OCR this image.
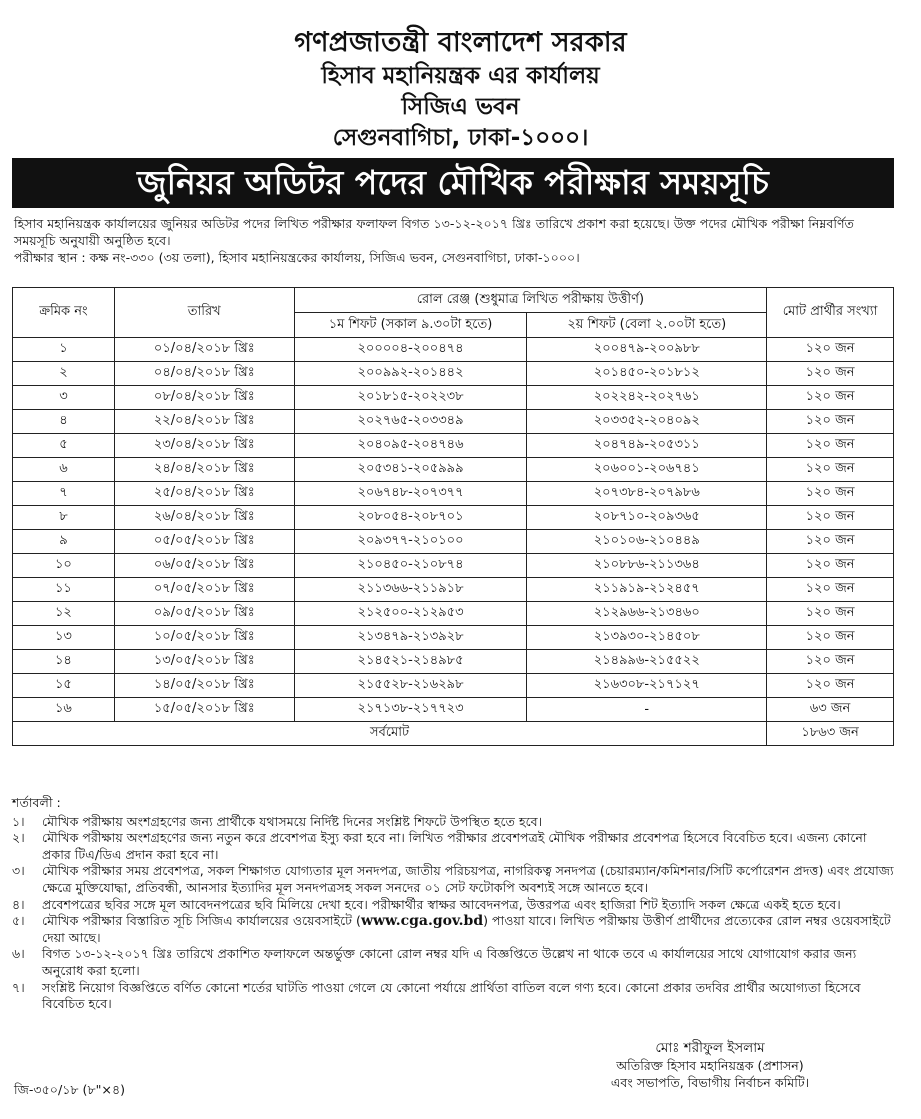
গণপ্রজাতন্ত্রী বাংলাদেশ সরকার
হিসাব মহানিয়ন্ত্রক এর কার্যালয়
সিজিএ ভবন
সেগুনবাগিচা, ঢাকা-১০০০।
জুনিয়র অডিটর পদের মৌখিক পরীক্ষার সময়সূচি

হিসাব মহানিয়ন্ত্রক কার্যালয়ের জুনিয়র অডিটর পদের লিখিত পরীক্ষার ফলাফল বিগত ১৩-১২-২০১৭ খ্রিঃ তারিখে প্রকাশ করা হয়েছে। উক্ত পদের মৌখিক পরীক্ষা নিম্নবর্ণিত সময়সূচি অনুযায়ী অনুষ্ঠিত হবে।

পরীক্ষার স্থান : কক্ষ নং-৩৩০ (৩য় তলা), হিসাব মহানিয়ন্ত্রকের কার্যালয়, সিজিএ ভবন, সেগুনবাগিচা, ঢাকা-১০০০।

ক্রমিক নং	তারিখ	রোল রেঞ্জ (শুধুমাত্র লিখিত পরীক্ষায় উত্তীর্ণ)		মোট প্রার্থীর সংখ্যা
		১ম শিফট (সকাল ৯.৩০টা হতে)	২য় শিফট (বেলা ২.০০টা হতে)	
১	০১/০৪/২০১৮ খ্রিঃ	২০০০০৪-২০০৪৭৪	২০০৪৭৯-২০০৯৮৮	১২০ জন
২	০৪/০৪/২০১৮ খ্রিঃ	২০০৯৯২-২০১৪৪২	২০১৪৫০-২০১৮১২	১২০ জন
৩	০৮/০৪/২০১৮ খ্রিঃ	২০১৮১৫-২০২২৩৮	২০২২৪২-২০২৭৬১	১২০ জন
৪	২২/০৪/২০১৮ খ্রিঃ	২০২৭৬৫-২০৩৩৪৯	২০৩৩৫২-২০৪০৯২	১২০ জন
৫	২৩/০৪/২০১৮ খ্রিঃ	২০৪০৯৫-২০৪৭৪৬	২০৪৭৪৯-২০৫৩১১	১২০ জন
৬	২৪/০৪/২০১৮ খ্রিঃ	২০৫৩৪১-২০৫৯৯৯	২০৬০০১-২০৬৭৪১	১২০ জন
৭	২৫/০৪/২০১৮ খ্রিঃ	২০৬৭৪৮-২০৭৩৭৭	২০৭৩৮৪-২০৭৯৮৬	১২০ জন
৮	২৬/০৪/২০১৮ খ্রিঃ	২০৮০৫৪-২০৮৭০১	২০৮৭১০-২০৯৩৬৫	১২০ জন
৯	০৫/০৫/২০১৮ খ্রিঃ	২০৯৩৭৭-২১০১০০	২১০১০৬-২১০৪৪৯	১২০ জন
১০	০৬/০৫/২০১৮ খ্রিঃ	২১০৪৫০-২১০৮৭৪	২১০৮৮৬-২১১৩৬৪	১২০ জন
১১	০৭/০৫/২০১৮ খ্রিঃ	২১১৩৬৬-২১১৯১৮	২১১৯১৯-২১২৪৫৭	১২০ জন
১২	০৯/০৫/২০১৮ খ্রিঃ	২১২৫০০-২১২৯৫৩	২১২৯৬৬-২১৩৪৬০	১২০ জন
১৩	১০/০৫/২০১৮ খ্রিঃ	২১৩৪৭৯-২১৩৯২৮	২১৩৯৩০-২১৪৫০৮	১২০ জন
১৪	১৩/০৫/২০১৮ খ্রিঃ	২১৪৫২১-২১৪৯৮৫	২১৪৯৯৬-২১৫৫২২	১২০ জন
১৫	১৪/০৫/২০১৮ খ্রিঃ	২১৫৫২৮-২১৬২৯৮	২১৬৩০৮-২১৭১২৭	১২০ জন
১৬	১৫/০৫/২০১৮ খ্রিঃ	২১৭১৩৮-২১৭৭২৩	-	৬৩ জন
সর্বমোট				১৮৬৩ জন
শর্তাবলী :
১।	মৌখিক পরীক্ষায় অংশগ্রহণের জন্য প্রার্থীকে যথাসময়ে নির্দিষ্ট দিনের সংশ্লিষ্ট শিফটে উপস্থিত হতে হবে।
২।	মৌখিক পরীক্ষায় অংশগ্রহণের জন্য নতুন করে প্রবেশপত্র ইস্যু করা হবে না। লিখিত পরীক্ষার প্রবেশপত্রই মৌখিক পরীক্ষার প্রবেশপত্র হিসেবে বিবেচিত হবে। এজন্য কোনো প্রকার টিএ/ডিএ প্রদান করা হবে না।
৩।	মৌখিক পরীক্ষার সময় প্রবেশপত্র, সকল শিক্ষাগত যোগ্যতার মূল সনদপত্র, জাতীয় পরিচয়পত্র, নাগরিকত্ব সনদপত্র (চেয়ারম্যান/কমিশনার/সিটি কর্পোরেশন প্রদত্ত) এবং প্রযোজ্য ক্ষেত্রে মুক্তিযোদ্ধা, প্রতিবন্ধী, আনসার ইত্যাদির মূল সনদপত্রসহ সকল সনদের ০১ সেট ফটোকপি অবশ্যই সঙ্গে আনতে হবে।
৪।	প্রবেশপত্রের ছবির সঙ্গে মূল আবেদনপত্রের ছবি মিলিয়ে দেখা হবে। পরীক্ষার্থীর স্বাক্ষর আবেদনপত্র, উত্তরপত্র এবং হাজিরা শিট ইত্যাদি সকল ক্ষেত্রে একই হতে হবে।
৫।	মৌখিক পরীক্ষার বিস্তারিত সূচি সিজিএ কার্যালয়ের ওয়েবসাইটে (www.cga.gov.bd) পাওয়া যাবে। লিখিত পরীক্ষায় উত্তীর্ণ প্রার্থীদের প্রত্যেকের রোল নম্বর ওয়েবসাইটে দেয়া আছে।
৬।	বিগত ১৩-১২-২০১৭ খ্রিঃ তারিখে প্রকাশিত ফলাফলে অন্তর্ভুক্ত কোনো রোল নম্বর যদি এ বিজ্ঞপ্তিতে উল্লেখ না থাকে তবে এ কার্যালয়ের সাথে যোগাযোগ করার জন্য অনুরোধ করা হলো।
৭।	সংশ্লিষ্ট নিয়োগ বিজ্ঞপ্তিতে বর্ণিত কোনো শর্তের ঘাটতি পাওয়া গেলে যে কোনো পর্যায়ে প্রার্থিতা বাতিল বলে গণ্য হবে। কোনো প্রকার তদবির প্রার্থীর অযোগ্যতা হিসেবে বিবেচিত হবে।
মোঃ শরীফুল ইসলাম
অতিরিক্ত হিসাব মহানিয়ন্ত্রক (প্রশাসন)
এবং সভাপতি, বিভাগীয় নির্বাচন কমিটি।
জি-৩৫০/১৮ (৮"×৪)
